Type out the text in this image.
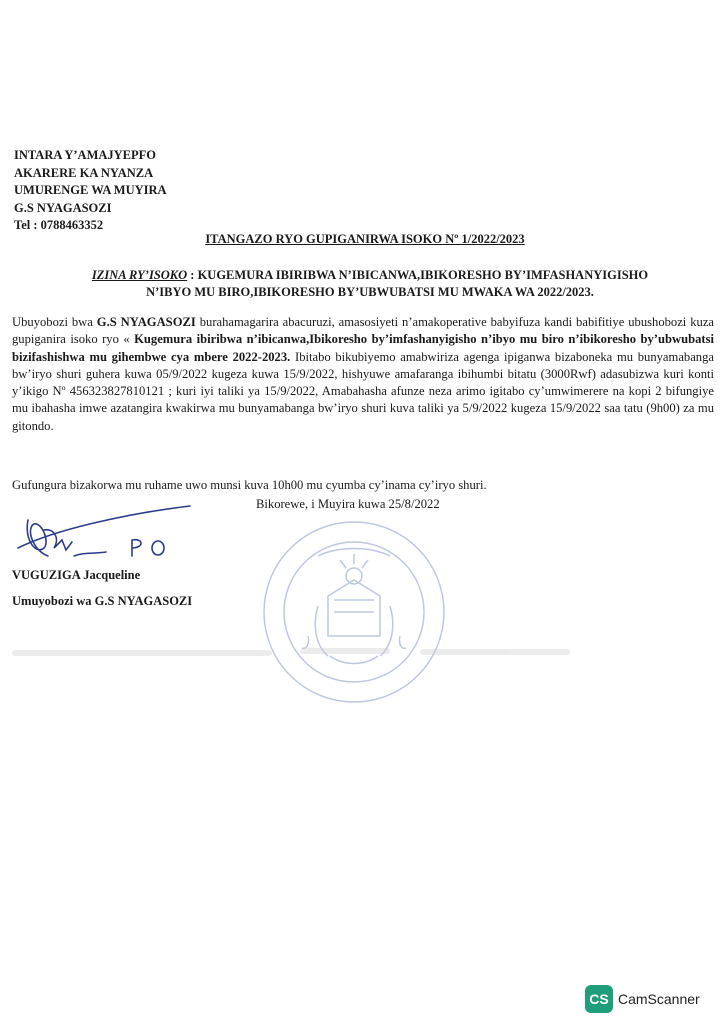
INTARA Y’AMAJYEPFO
AKARERE KA NYANZA
UMURENGE WA MUYIRA
G.S NYAGASOZI
Tel : 0788463352
ITANGAZO RYO GUPIGANIRWA ISOKO Nº 1/2022/2023
IZINA RY’ISOKO : KUGEMURA IBIRIBWA N’IBICANWA,IBIKORESHO BY’IMFASHANYIGISHO
N’IBYO MU BIRO,IBIKORESHO BY’UBWUBATSI MU MWAKA WA 2022/2023.
Ubuyobozi bwa G.S NYAGASOZI burahamagarira abacuruzi, amasosiyeti n’amakoperative babyifuza kandi babifitiye ubushobozi kuza gupiganira isoko ryo « Kugemura ibiribwa n’ibicanwa,Ibikoresho by’imfashanyigisho n’ibyo mu biro n’ibikoresho by’ubwubatsi bizifashishwa mu gihembwe cya mbere 2022-2023. Ibitabo bikubiyemo amabwiriza agenga ipiganwa bizaboneka mu bunyamabanga bw’iryo shuri guhera kuwa 05/9/2022 kugeza kuwa 15/9/2022, hishyuwe amafaranga ibihumbi bitatu (3000Rwf) adasubizwa kuri konti y’ikigo Nº 456323827810121 ; kuri iyi taliki ya 15/9/2022, Amabahasha afunze neza arimo igitabo cy’umwimerere na kopi 2 bifungiye mu ibahasha imwe azatangira kwakirwa mu bunyamabanga bw’iryo shuri kuva taliki ya 5/9/2022 kugeza 15/9/2022 saa tatu (9h00) za mu gitondo.
Gufungura bizakorwa mu ruhame uwo munsi kuva 10h00 mu cyumba cy’inama cy’iryo shuri.
Bikorewe, i Muyira kuwa 25/8/2022
VUGUZIGA Jacqueline
Umuyobozi wa G.S NYAGASOZI
CS CamScanner
